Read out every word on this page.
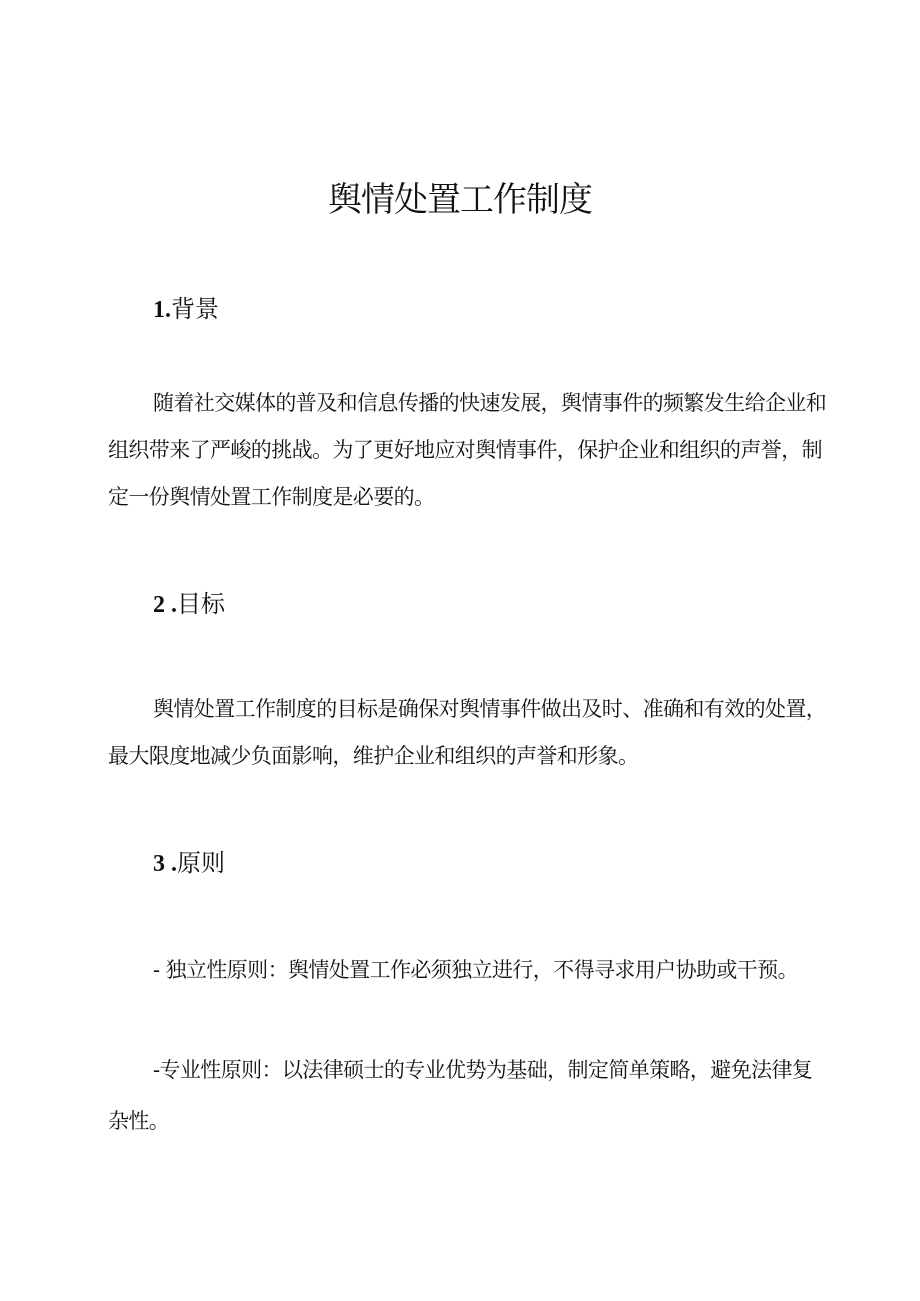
舆情处置工作制度
1.背景

随着社交媒体的普及和信息传播的快速发展，舆情事件的频繁发生给企业和组织带来了严峻的挑战。为了更好地应对舆情事件，保护企业和组织的声誉，制定一份舆情处置工作制度是必要的。

2 .目标

舆情处置工作制度的目标是确保对舆情事件做出及时、准确和有效的处置，最大限度地减少负面影响，维护企业和组织的声誉和形象。

3 .原则

- 独立性原则：舆情处置工作必须独立进行，不得寻求用户协助或干预。

-专业性原则：以法律硕士的专业优势为基础，制定简单策略，避免法律复杂性。
